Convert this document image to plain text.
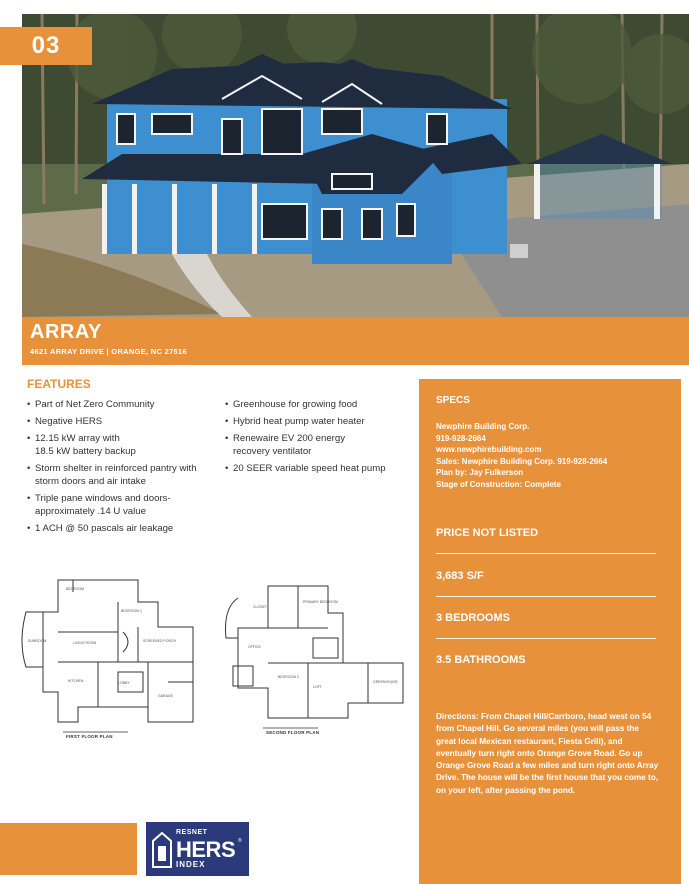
03
ARRAY
4621 ARRAY DRIVE | ORANGE, NC 27516
FEATURES
• Part of Net Zero Community
• Negative HERS
• 12.15 kW array with
18.5 kW battery backup
• Storm shelter in reinforced pantry with
storm doors and air intake
• Triple pane windows and doors-
approximately .14 U value
• 1 ACH @ 50 pascals air leakage
• Greenhouse for growing food
• Hybrid heat pump water heater
• Renewaire EV 200 energy
recovery ventilator
• 20 SEER variable speed heat pump
BEDROOM
BEDROOM 1
LIVING ROOM	SCREENED PORCH
SUNROOM
LOBBY
GARAGE
KITCHEN
FIRST FLOOR PLAN
PRIMARY BEDROOM
OFFICE
BEDROOM 2
LOFT
GREENHOUSE
CLOSET
SECOND FLOOR PLAN
SPECS
Newphire Building Corp.
919-928-2664
www.newphirebuilding.com
Sales: Newphire Building Corp. 919-928-2664
Plan by: Jay Fulkerson
Stage of Construction: Complete
PRICE NOT LISTED
3,683 S/F
3 BEDROOMS
3.5 BATHROOMS
Directions: From Chapel Hill/Carrboro, head west on 54 from Chapel Hill. Go several miles (you will pass the great local Mexican restaurant, Fiesta Grill), and eventually turn right onto Orange Grove Road. Go up Orange Grove Road a few miles and turn right onto Array Drive. The house will be the first house that you come to, on your left, after passing the pond.
RESNET
HERS ®
INDEX
